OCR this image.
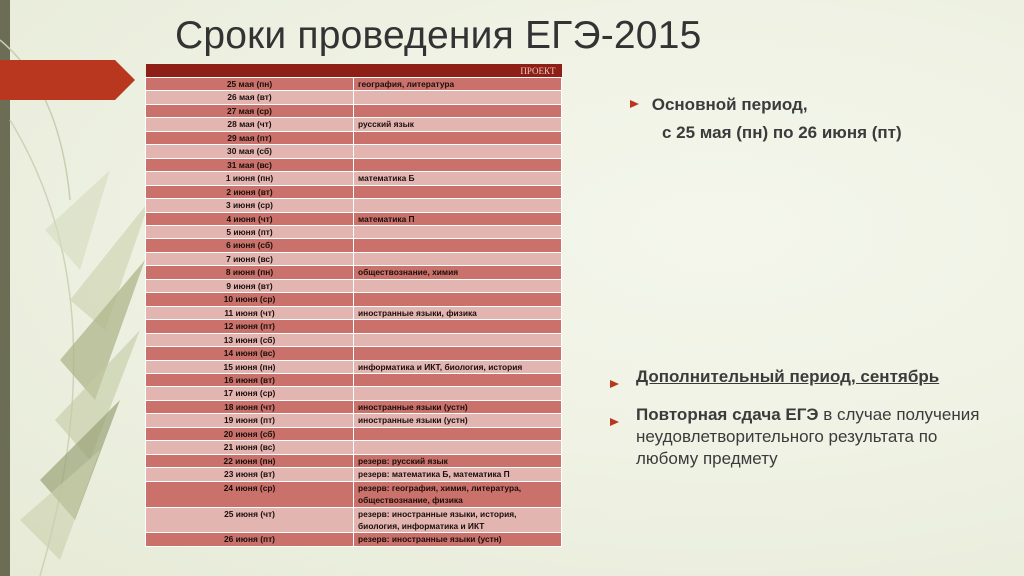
Сроки проведения ЕГЭ-2015
ПРОЕКТ	
25 мая (пн)	география, литература
26 мая (вт)	
27 мая (ср)	
28 мая (чт)	русский язык
29 мая (пт)	
30 мая (сб)	
31 мая (вс)	
1 июня (пн)	математика Б
2 июня (вт)	
3 июня (ср)	
4 июня (чт)	математика П
5 июня (пт)	
6 июня (сб)	
7 июня (вс)	
8 июня (пн)	обществознание, химия
9 июня (вт)	
10 июня (ср)	
11 июня (чт)	иностранные языки, физика
12 июня (пт)	
13 июня (сб)	
14 июня (вс)	
15 июня (пн)	информатика и ИКТ, биология, история
16 июня (вт)	
17 июня (ср)	
18 июня (чт)	иностранные языки (устн)
19 июня (пт)	иностранные языки (устн)
20 июня (сб)	
21 июня (вс)	
22 июня (пн)	резерв: русский язык
23 июня (вт)	резерв: математика Б, математика П
24 июня (ср)	резерв: география, химия, литература, обществознание, физика
25 июня (чт)	резерв: иностранные языки, история, биология, информатика и ИКТ
26 июня (пт)	резерв: иностранные языки (устн)
Основной период,
с 25 мая (пн) по 26 июня (пт)
Дополнительный период, сентябрь
Повторная сдача ЕГЭ в случае получения неудовлетворительного результата по любому предмету
